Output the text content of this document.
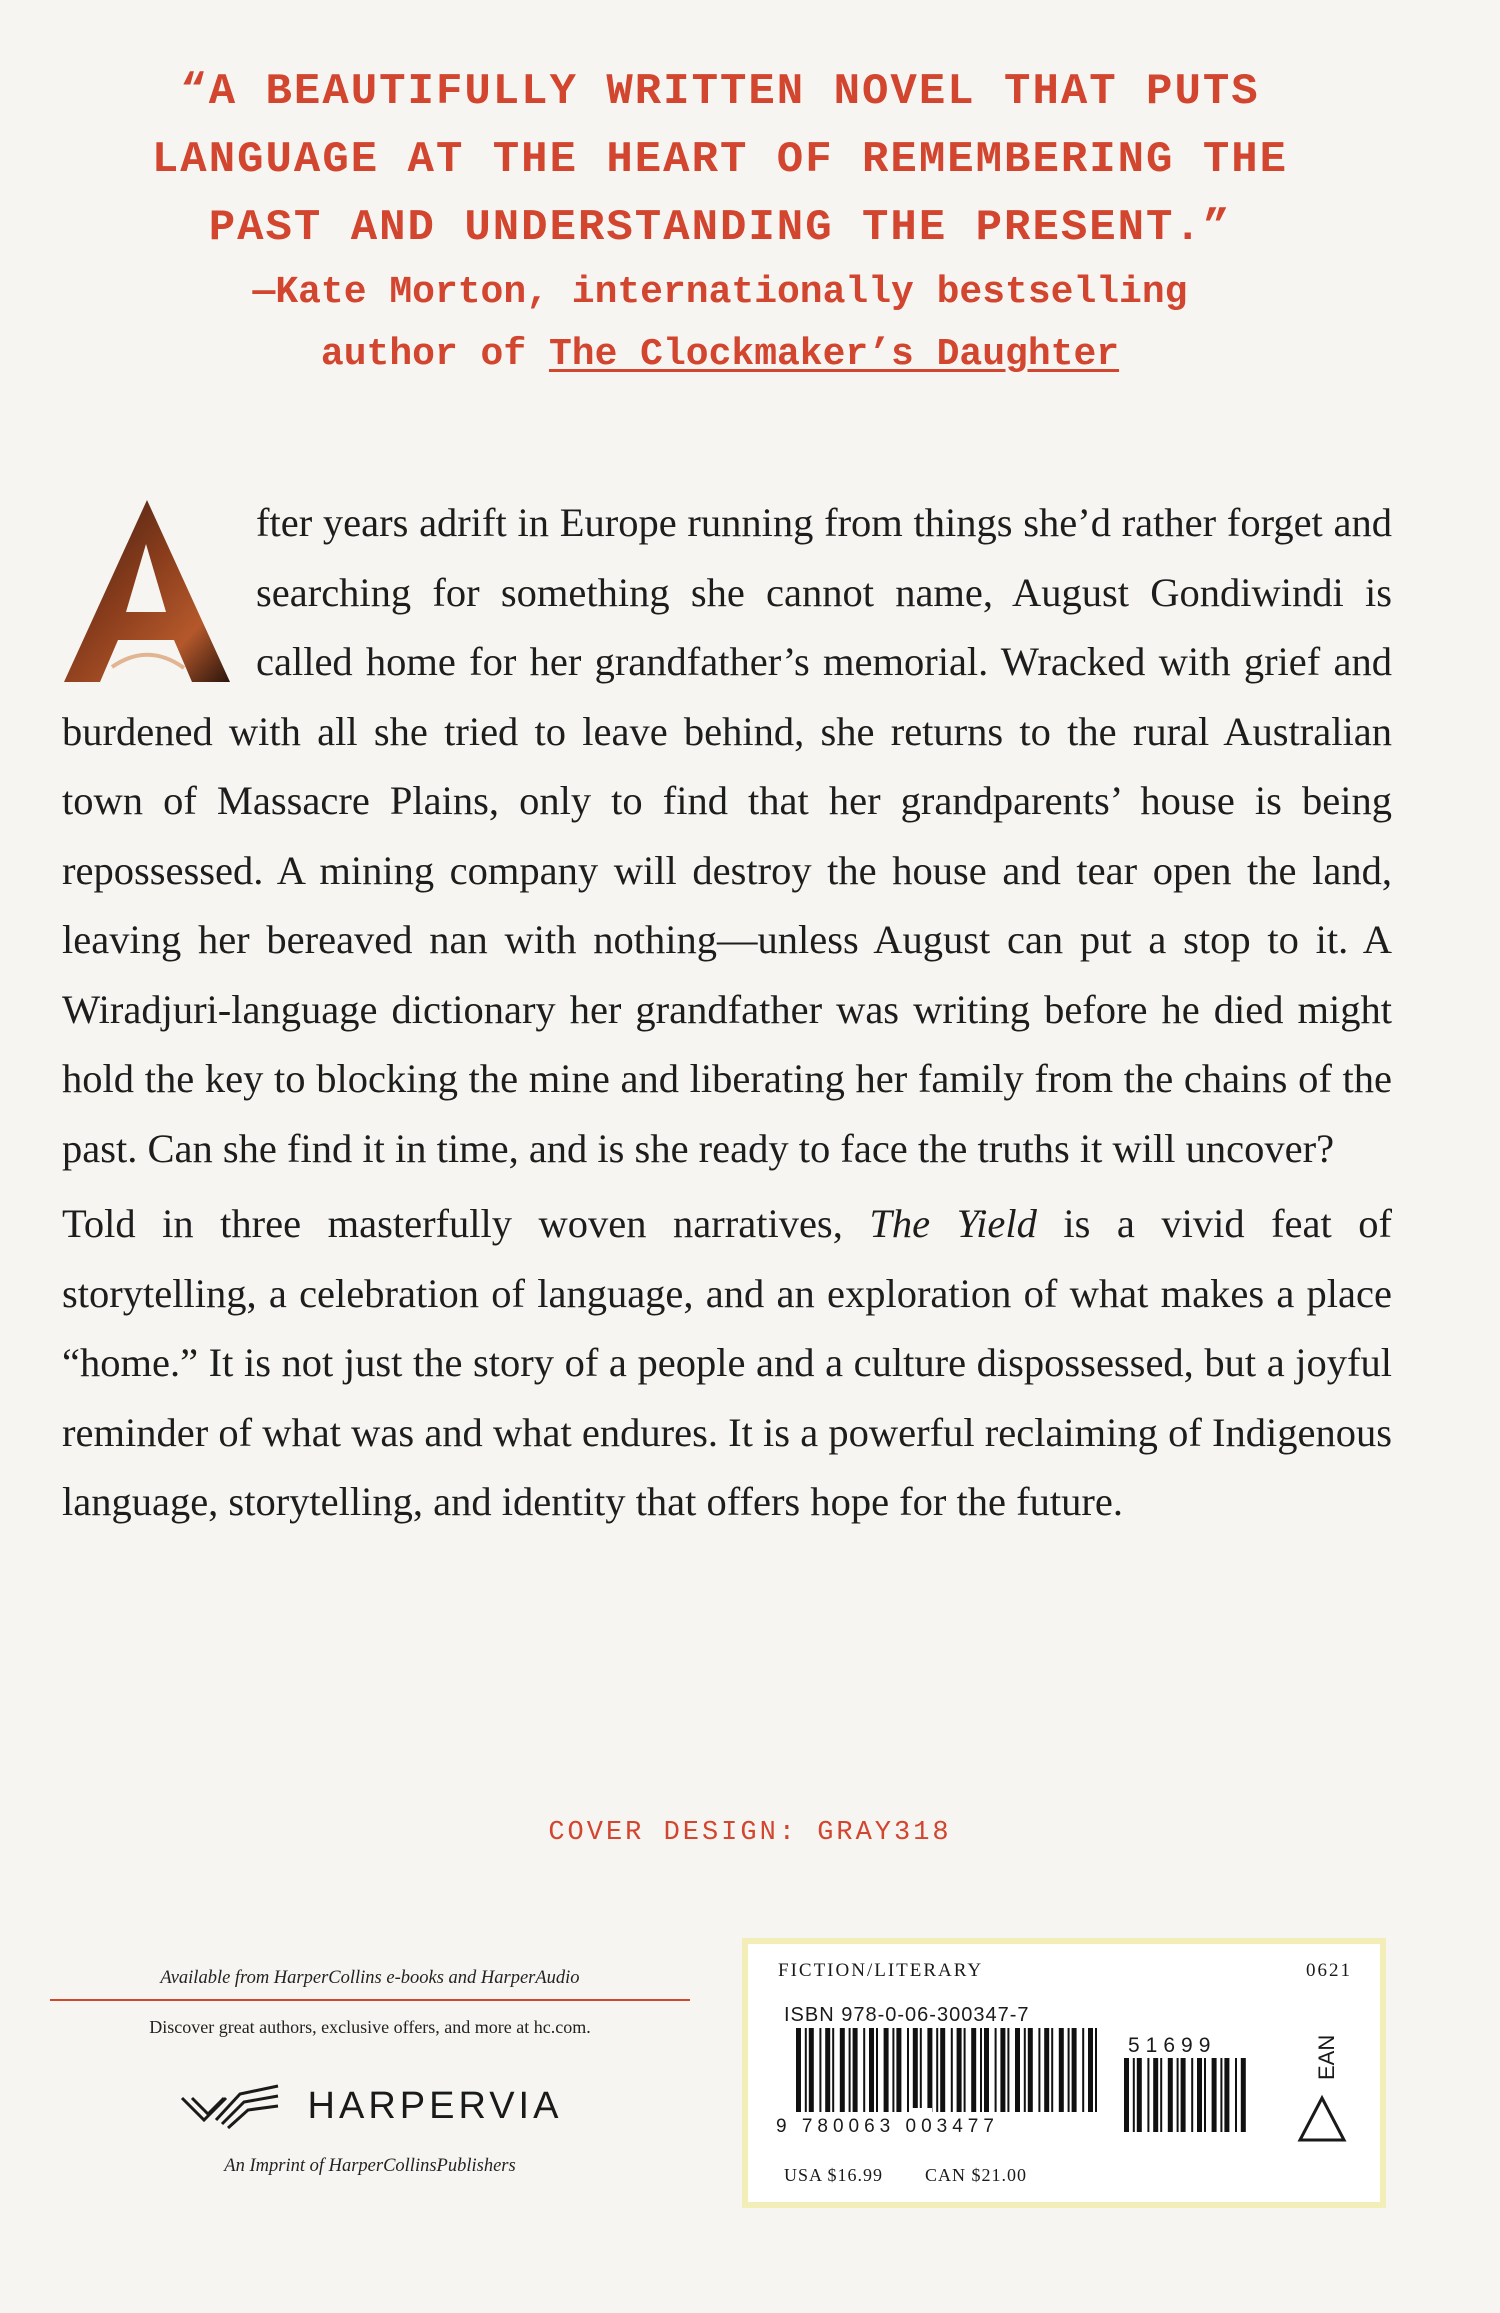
“A BEAUTIFULLY WRITTEN NOVEL THAT PUTS
LANGUAGE AT THE HEART OF REMEMBERING THE
PAST AND UNDERSTANDING THE PRESENT.”
—Kate Morton, internationally bestselling
author of The Clockmaker’s Daughter

fter years adrift in Europe running from things she’d rather forget and searching for something she cannot name, August Gondiwindi is called home for her grandfather’s memorial. Wracked with grief and burdened with all she tried to leave behind, she returns to the rural Australian town of Massacre Plains, only to find that her grandparents’ house is being repossessed. A mining company will destroy the house and tear open the land, leaving her bereaved nan with nothing—unless August can put a stop to it. A Wiradjuri-language dictionary her grandfather was writing before he died might hold the key to blocking the mine and liberating her family from the chains of the past. Can she find it in time, and is she ready to face the truths it will uncover?

Told in three masterfully woven narratives, The Yield is a vivid feat of storytelling, a celebration of language, and an exploration of what makes a place “home.” It is not just the story of a people and a culture dispossessed, but a joyful reminder of what was and what endures. It is a powerful reclaiming of Indigenous language, storytelling, and identity that offers hope for the future.

COVER DESIGN: GRAY318
Available from HarperCollins e-books and HarperAudio
Discover great authors, exclusive offers, and more at hc.com.
HARPERVIA
An Imprint of HarperCollinsPublishers
FICTION/LITERARY	0621
ISBN 978-0-06-300347-7
9 780063 003477
51699	EAN
USA $16.99 CAN $21.00
